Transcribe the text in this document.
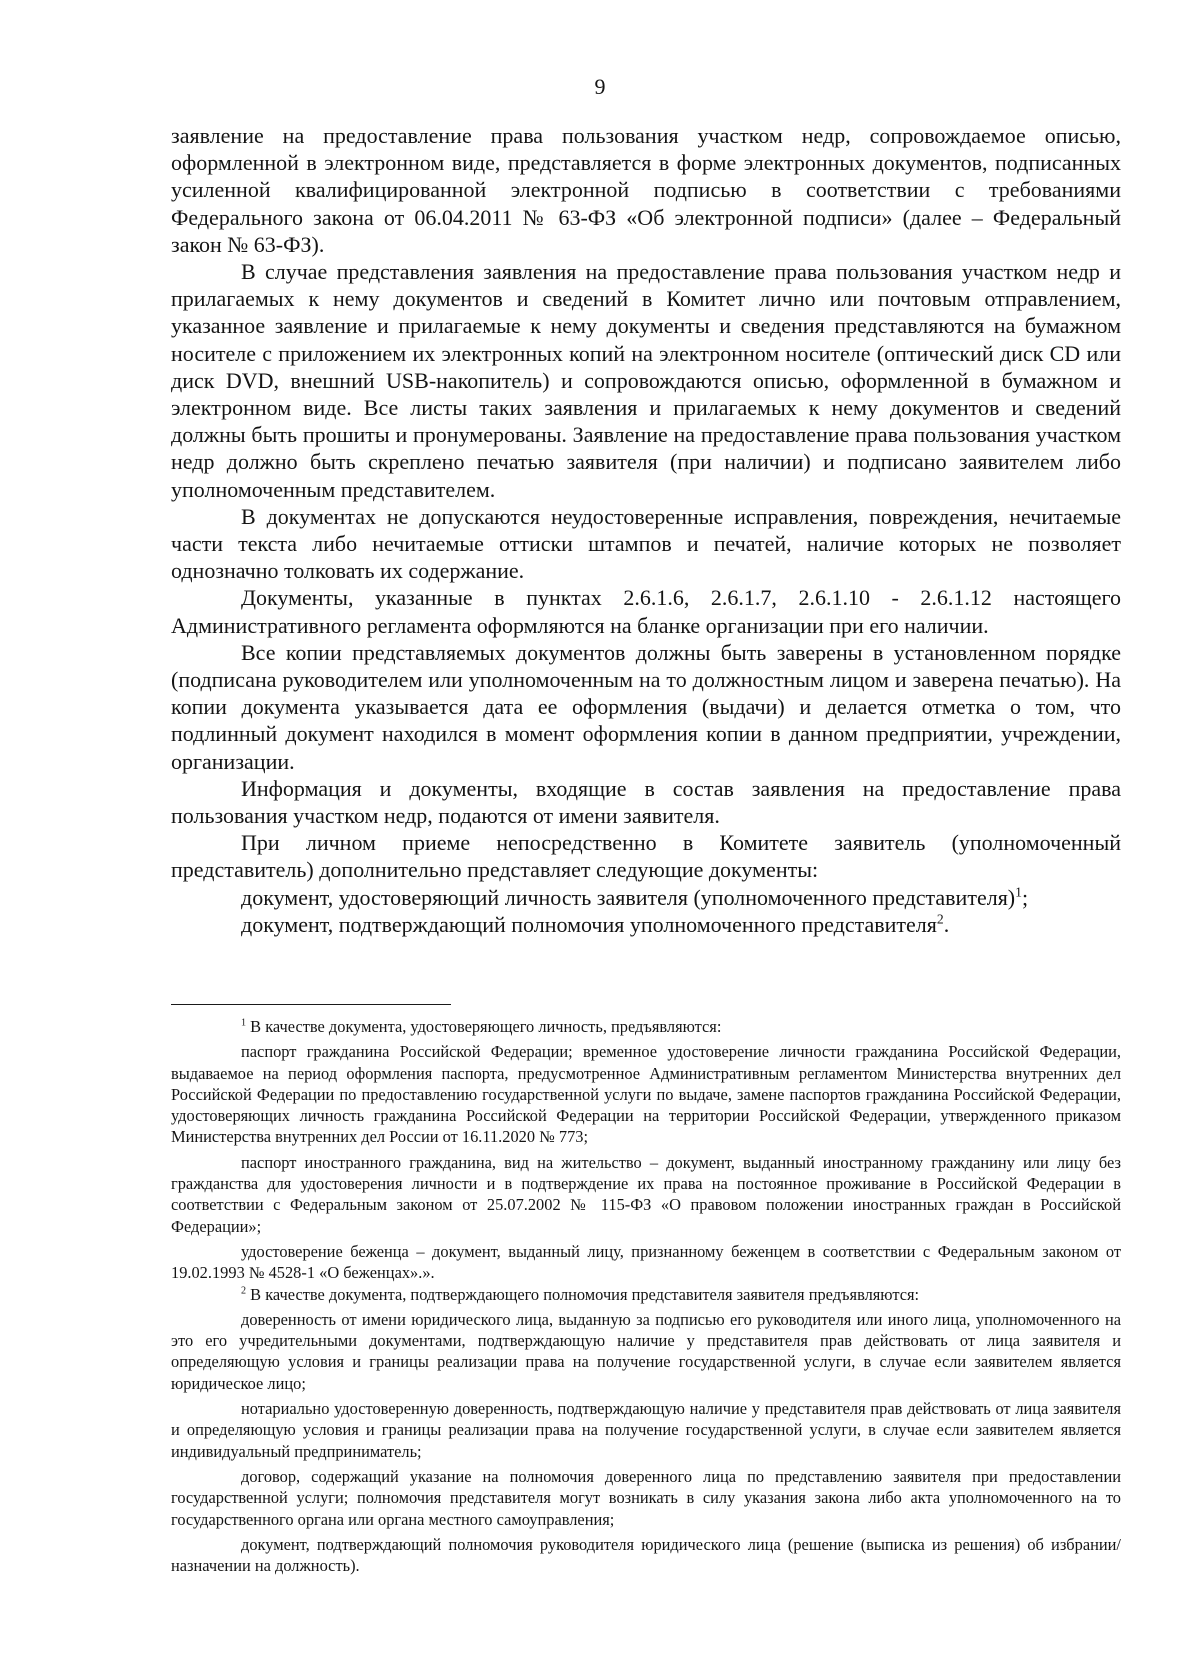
9

заявление на предоставление права пользования участком недр, сопровождаемое описью, оформленной в электронном виде, представляется в форме электронных документов, подписанных усиленной квалифицированной электронной подписью в соответствии с требованиями Федерального закона от 06.04.2011 № 63-ФЗ «Об электронной подписи» (далее – Федеральный закон № 63-ФЗ).

В случае представления заявления на предоставление права пользования участком недр и прилагаемых к нему документов и сведений в Комитет лично или почтовым отправлением, указанное заявление и прилагаемые к нему документы и сведения представляются на бумажном носителе с приложением их электронных копий на электронном носителе (оптический диск CD или диск DVD, внешний USB-накопитель) и сопровождаются описью, оформленной в бумажном и электронном виде. Все листы таких заявления и прилагаемых к нему документов и сведений должны быть прошиты и пронумерованы. Заявление на предоставление права пользования участком недр должно быть скреплено печатью заявителя (при наличии) и подписано заявителем либо уполномоченным представителем.

В документах не допускаются неудостоверенные исправления, повреждения, нечитаемые части текста либо нечитаемые оттиски штампов и печатей, наличие которых не позволяет однозначно толковать их содержание.

Документы, указанные в пунктах 2.6.1.6, 2.6.1.7, 2.6.1.10 - 2.6.1.12 настоящего Административного регламента оформляются на бланке организации при его наличии.

Все копии представляемых документов должны быть заверены в установленном порядке (подписана руководителем или уполномоченным на то должностным лицом и заверена печатью). На копии документа указывается дата ее оформления (выдачи) и делается отметка о том, что подлинный документ находился в момент оформления копии в данном предприятии, учреждении, организации.

Информация и документы, входящие в состав заявления на предоставление права пользования участком недр, подаются от имени заявителя.

При личном приеме непосредственно в Комитете заявитель (уполномоченный представитель) дополнительно представляет следующие документы:

документ, удостоверяющий личность заявителя (уполномоченного представителя)$^1$;

документ, подтверждающий полномочия уполномоченного представителя$^2$.

$^1$ В качестве документа, удостоверяющего личность, предъявляются:

паспорт гражданина Российской Федерации; временное удостоверение личности гражданина Российской Федерации, выдаваемое на период оформления паспорта, предусмотренное Административным регламентом Министерства внутренних дел Российской Федерации по предоставлению государственной услуги по выдаче, замене паспортов гражданина Российской Федерации, удостоверяющих личность гражданина Российской Федерации на территории Российской Федерации, утвержденного приказом Министерства внутренних дел России от 16.11.2020 № 773;

паспорт иностранного гражданина, вид на жительство – документ, выданный иностранному гражданину или лицу без гражданства для удостоверения личности и в подтверждение их права на постоянное проживание в Российской Федерации в соответствии с Федеральным законом от 25.07.2002 № 115-ФЗ «О правовом положении иностранных граждан в Российской Федерации»;

удостоверение беженца – документ, выданный лицу, признанному беженцем в соответствии с Федеральным законом от 19.02.1993 № 4528-1 «О беженцах».».

$^2$ В качестве документа, подтверждающего полномочия представителя заявителя предъявляются:

доверенность от имени юридического лица, выданную за подписью его руководителя или иного лица, уполномоченного на это его учредительными документами, подтверждающую наличие у представителя прав действовать от лица заявителя и определяющую условия и границы реализации права на получение государственной услуги, в случае если заявителем является юридическое лицо;

нотариально удостоверенную доверенность, подтверждающую наличие у представителя прав действовать от лица заявителя и определяющую условия и границы реализации права на получение государственной услуги, в случае если заявителем является индивидуальный предприниматель;

договор, содержащий указание на полномочия доверенного лица по представлению заявителя при предоставлении государственной услуги; полномочия представителя могут возникать в силу указания закона либо акта уполномоченного на то государственного органа или органа местного самоуправления;

документ, подтверждающий полномочия руководителя юридического лица (решение (выписка из решения) об избрании/назначении на должность).
